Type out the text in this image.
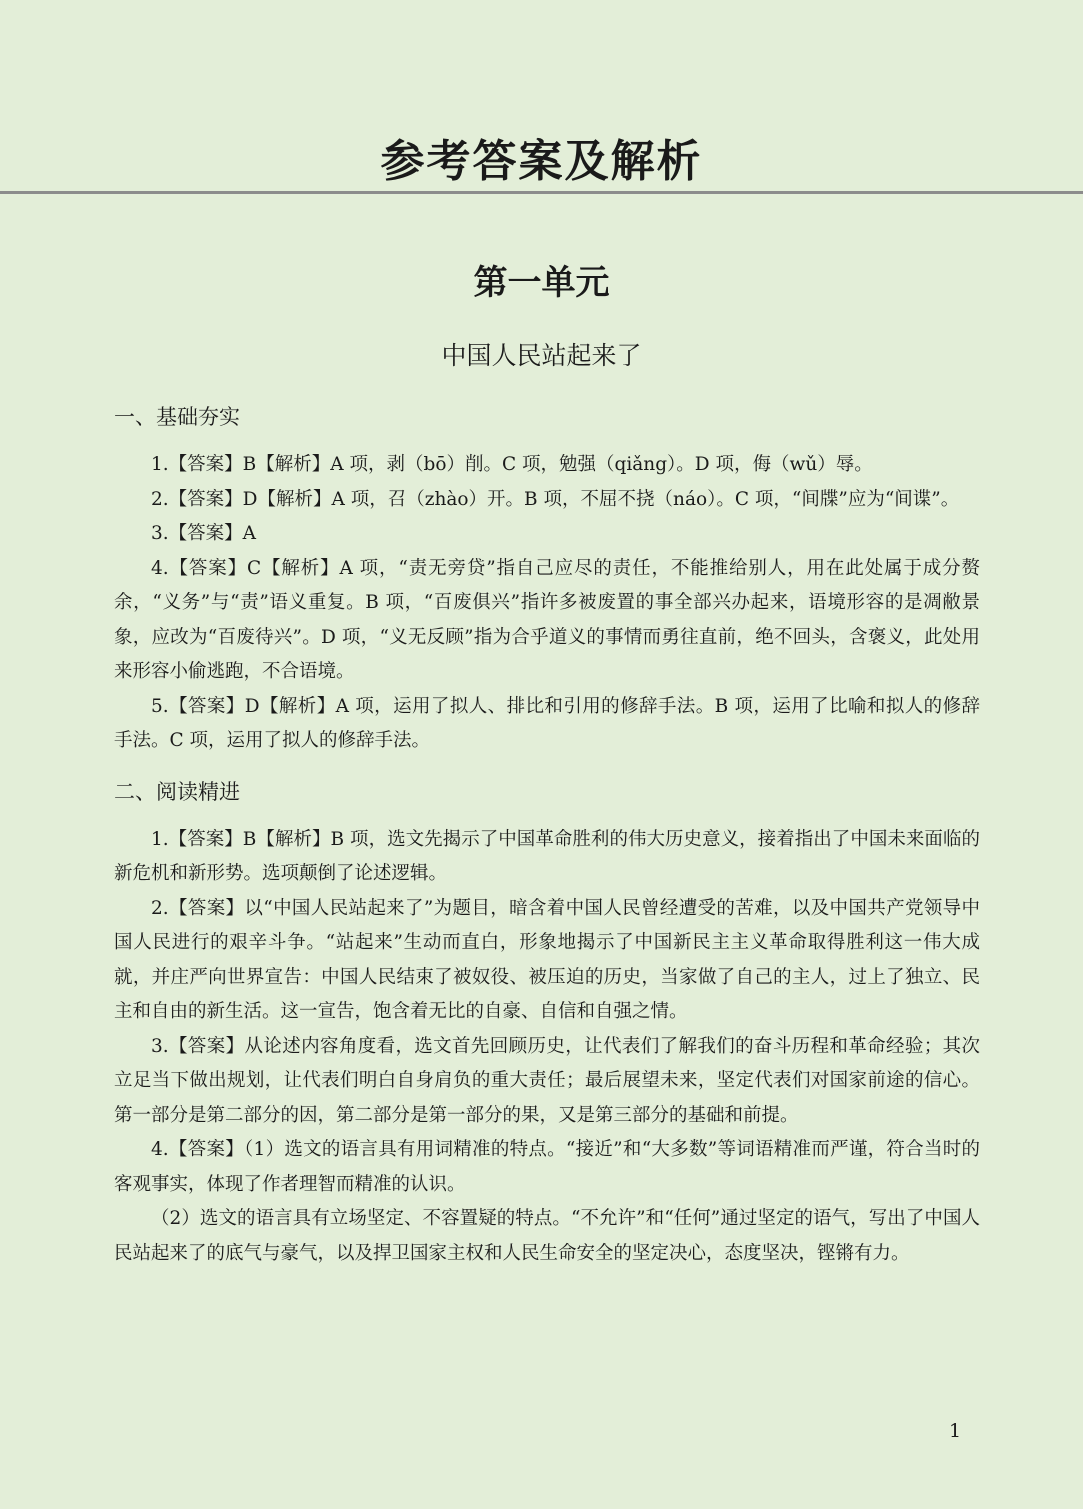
参考答案及解析
第一单元
中国人民站起来了
一、基础夯实

1.【答案】B【解析】A 项，剥（bō）削。C 项，勉强（qiǎng）。D 项，侮（wǔ）辱。

2.【答案】D【解析】A 项，召（zhào）开。B 项，不屈不挠（náo）。C 项，“间牒”应为“间谍”。

3.【答案】A

4.【答案】C【解析】A 项，“责无旁贷”指自己应尽的责任，不能推给别人，用在此处属于成分赘余，“义务”与“责”语义重复。B 项，“百废俱兴”指许多被废置的事全部兴办起来，语境形容的是凋敝景象，应改为“百废待兴”。D 项，“义无反顾”指为合乎道义的事情而勇往直前，绝不回头，含褒义，此处用来形容小偷逃跑，不合语境。

5.【答案】D【解析】A 项，运用了拟人、排比和引用的修辞手法。B 项，运用了比喻和拟人的修辞手法。C 项，运用了拟人的修辞手法。

二、阅读精进

1.【答案】B【解析】B 项，选文先揭示了中国革命胜利的伟大历史意义，接着指出了中国未来面临的新危机和新形势。选项颠倒了论述逻辑。

2.【答案】以“中国人民站起来了”为题目，暗含着中国人民曾经遭受的苦难，以及中国共产党领导中国人民进行的艰辛斗争。“站起来”生动而直白，形象地揭示了中国新民主主义革命取得胜利这一伟大成就，并庄严向世界宣告：中国人民结束了被奴役、被压迫的历史，当家做了自己的主人，过上了独立、民主和自由的新生活。这一宣告，饱含着无比的自豪、自信和自强之情。

3.【答案】从论述内容角度看，选文首先回顾历史，让代表们了解我们的奋斗历程和革命经验；其次立足当下做出规划，让代表们明白自身肩负的重大责任；最后展望未来，坚定代表们对国家前途的信心。第一部分是第二部分的因，第二部分是第一部分的果，又是第三部分的基础和前提。

4.【答案】（1）选文的语言具有用词精准的特点。“接近”和“大多数”等词语精准而严谨，符合当时的客观事实，体现了作者理智而精准的认识。

（2）选文的语言具有立场坚定、不容置疑的特点。“不允许”和“任何”通过坚定的语气，写出了中国人民站起来了的底气与豪气，以及捍卫国家主权和人民生命安全的坚定决心，态度坚决，铿锵有力。

1
